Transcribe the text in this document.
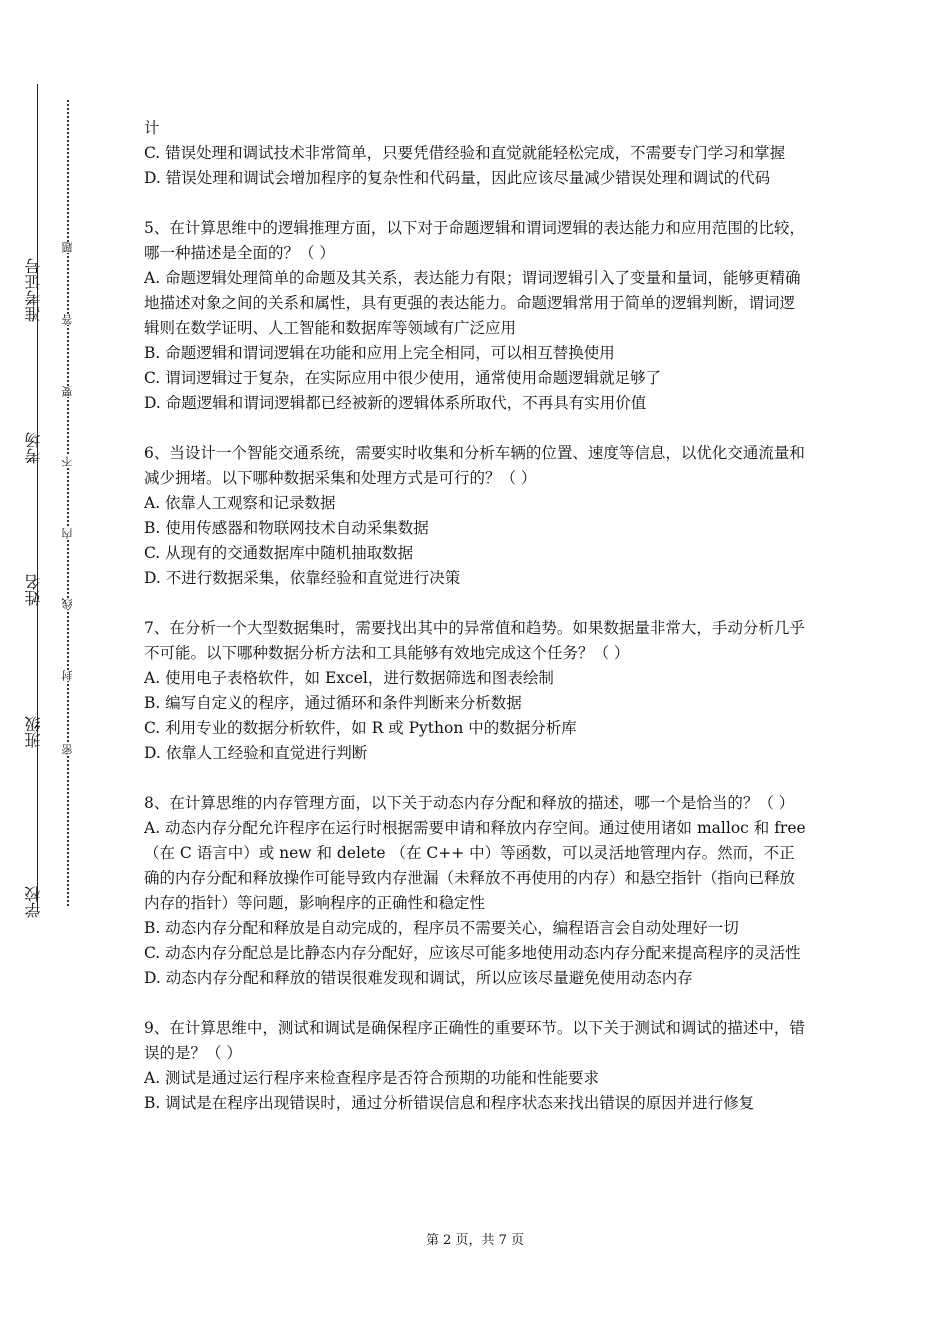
准考证号
考场
姓名
班级
学校
密
封
线
内
不
要
答
题

计

C. 错误处理和调试技术非常简单，只要凭借经验和直觉就能轻松完成，不需要专门学习和掌握

D. 错误处理和调试会增加程序的复杂性和代码量，因此应该尽量减少错误处理和调试的代码

5、在计算思维中的逻辑推理方面，以下对于命题逻辑和谓词逻辑的表达能力和应用范围的比较，哪一种描述是全面的？（ ）

A. 命题逻辑处理简单的命题及其关系，表达能力有限；谓词逻辑引入了变量和量词，能够更精确地描述对象之间的关系和属性，具有更强的表达能力。命题逻辑常用于简单的逻辑判断，谓词逻辑则在数学证明、人工智能和数据库等领域有广泛应用

B. 命题逻辑和谓词逻辑在功能和应用上完全相同，可以相互替换使用

C. 谓词逻辑过于复杂，在实际应用中很少使用，通常使用命题逻辑就足够了

D. 命题逻辑和谓词逻辑都已经被新的逻辑体系所取代，不再具有实用价值

6、当设计一个智能交通系统，需要实时收集和分析车辆的位置、速度等信息，以优化交通流量和减少拥堵。以下哪种数据采集和处理方式是可行的？（ ）

A. 依靠人工观察和记录数据

B. 使用传感器和物联网技术自动采集数据

C. 从现有的交通数据库中随机抽取数据

D. 不进行数据采集，依靠经验和直觉进行决策

7、在分析一个大型数据集时，需要找出其中的异常值和趋势。如果数据量非常大，手动分析几乎不可能。以下哪种数据分析方法和工具能够有效地完成这个任务？（ ）

A. 使用电子表格软件，如 Excel，进行数据筛选和图表绘制

B. 编写自定义的程序，通过循环和条件判断来分析数据

C. 利用专业的数据分析软件，如 R 或 Python 中的数据分析库

D. 依靠人工经验和直觉进行判断

8、在计算思维的内存管理方面，以下关于动态内存分配和释放的描述，哪一个是恰当的？（ ）

A. 动态内存分配允许程序在运行时根据需要申请和释放内存空间。通过使用诸如 malloc 和 free （在 C 语言中）或 new 和 delete （在 C++ 中）等函数，可以灵活地管理内存。然而，不正确的内存分配和释放操作可能导致内存泄漏（未释放不再使用的内存）和悬空指针（指向已释放内存的指针）等问题，影响程序的正确性和稳定性

B. 动态内存分配和释放是自动完成的，程序员不需要关心，编程语言会自动处理好一切

C. 动态内存分配总是比静态内存分配好，应该尽可能多地使用动态内存分配来提高程序的灵活性

D. 动态内存分配和释放的错误很难发现和调试，所以应该尽量避免使用动态内存

9、在计算思维中，测试和调试是确保程序正确性的重要环节。以下关于测试和调试的描述中，错误的是？（ ）

A. 测试是通过运行程序来检查程序是否符合预期的功能和性能要求

B. 调试是在程序出现错误时，通过分析错误信息和程序状态来找出错误的原因并进行修复

第 2 页，共 7 页
